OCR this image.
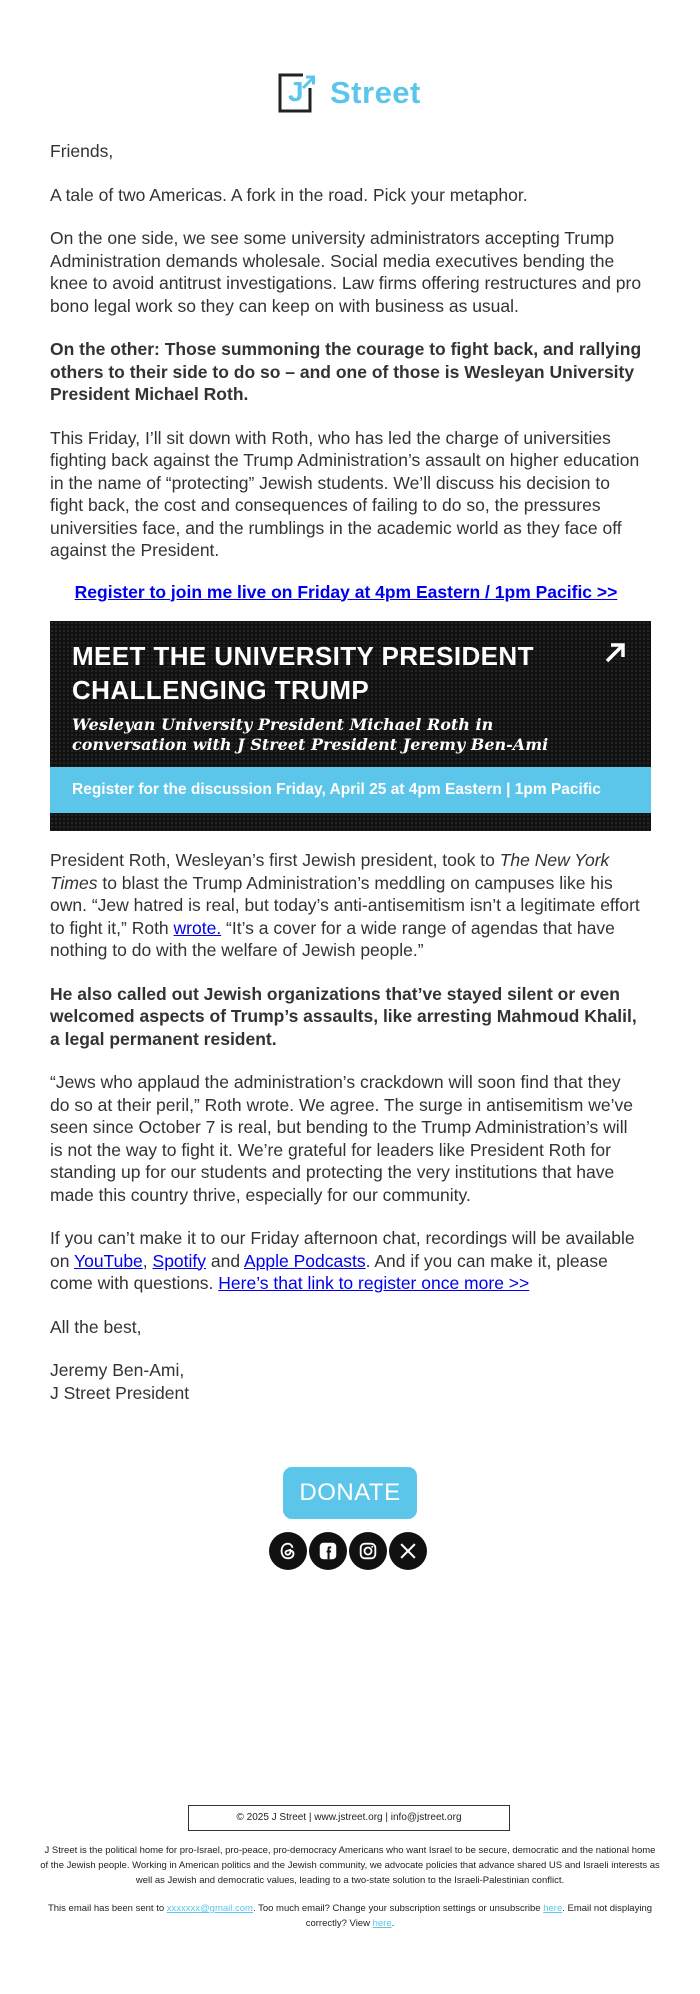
J Street

Friends,

A tale of two Americas. A fork in the road. Pick your metaphor.

On the one side, we see some university administrators accepting Trump Administration demands wholesale. Social media executives bending the knee to avoid antitrust investigations. Law firms offering restructures and pro bono legal work so they can keep on with business as usual.

On the other: Those summoning the courage to fight back, and rallying others to their side to do so – and one of those is Wesleyan University President Michael Roth.

This Friday, I’ll sit down with Roth, who has led the charge of universities fighting back against the Trump Administration’s assault on higher education in the name of “protecting” Jewish students. We’ll discuss his decision to fight back, the cost and consequences of failing to do so, the pressures universities face, and the rumblings in the academic world as they face off against the President.

Register to join me live on Friday at 4pm Eastern / 1pm Pacific >>
MEET THE UNIVERSITY PRESIDENT
CHALLENGING TRUMP
Wesleyan University President Michael Roth in
conversation with J Street President Jeremy Ben-Ami
Register for the discussion Friday, April 25 at 4pm Eastern | 1pm Pacific

President Roth, Wesleyan’s first Jewish president, took to The New York Times to blast the Trump Administration’s meddling on campuses like his own. “Jew hatred is real, but today’s anti-antisemitism isn’t a legitimate effort to fight it,” Roth wrote. “It’s a cover for a wide range of agendas that have nothing to do with the welfare of Jewish people.”

He also called out Jewish organizations that’ve stayed silent or even welcomed aspects of Trump’s assaults, like arresting Mahmoud Khalil, a legal permanent resident.

“Jews who applaud the administration’s crackdown will soon find that they do so at their peril,” Roth wrote. We agree. The surge in antisemitism we’ve seen since October 7 is real, but bending to the Trump Administration’s will is not the way to fight it. We’re grateful for leaders like President Roth for standing up for our students and protecting the very institutions that have made this country thrive, especially for our community.

If you can’t make it to our Friday afternoon chat, recordings will be available on YouTube, Spotify and Apple Podcasts. And if you can make it, please come with questions. Here’s that link to register once more >>

All the best,

Jeremy Ben-Ami,
J Street President

DONATE
© 2025 J Street | www.jstreet.org | info@jstreet.org
J Street is the political home for pro-Israel, pro-peace, pro-democracy Americans who want Israel to be secure, democratic and the national home of the Jewish people. Working in American politics and the Jewish community, we advocate policies that advance shared US and Israeli interests as well as Jewish and democratic values, leading to a two-state solution to the Israeli-Palestinian conflict.
This email has been sent to xxxxxxx@gmail.com. Too much email? Change your subscription settings or unsubscribe here. Email not displaying correctly? View here.
